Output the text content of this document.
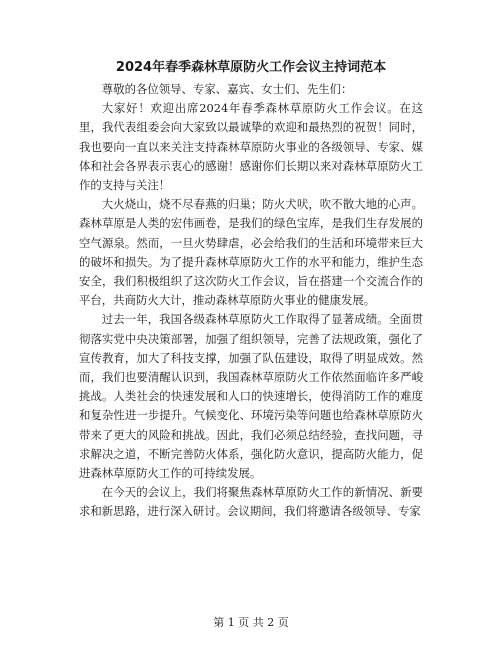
2024年春季森林草原防火工作会议主持词范本

尊敬的各位领导、专家、嘉宾、女士们、先生们：

大家好！欢迎出席2024年春季森林草原防火工作会议。在这里，我代表组委会向大家致以最诚挚的欢迎和最热烈的祝贺！同时，我也要向一直以来关注支持森林草原防火事业的各级领导、专家、媒体和社会各界表示衷心的感谢！感谢你们长期以来对森林草原防火工作的支持与关注！

大火烧山，烧不尽春燕的归巢；防火犬吠，吹不散大地的心声。森林草原是人类的宏伟画卷，是我们的绿色宝库，是我们生存发展的空气源泉。然而，一旦火势肆虐，必会给我们的生活和环境带来巨大的破坏和损失。为了提升森林草原防火工作的水平和能力，维护生态安全，我们积极组织了这次防火工作会议，旨在搭建一个交流合作的平台，共商防火大计，推动森林草原防火事业的健康发展。

过去一年，我国各级森林草原防火工作取得了显著成绩。全面贯彻落实党中央决策部署，加强了组织领导，完善了法规政策，强化了宣传教育，加大了科技支撑，加强了队伍建设，取得了明显成效。然而，我们也要清醒认识到，我国森林草原防火工作依然面临许多严峻挑战。人类社会的快速发展和人口的快速增长，使得消防工作的难度和复杂性进一步提升。气候变化、环境污染等问题也给森林草原防火带来了更大的风险和挑战。因此，我们必须总结经验，查找问题，寻求解决之道，不断完善防火体系，强化防火意识，提高防火能力，促进森林草原防火工作的可持续发展。

在今天的会议上，我们将聚焦森林草原防火工作的新情况、新要求和新思路，进行深入研讨。会议期间，我们将邀请各级领导、专家

第 1 页 共 2 页
